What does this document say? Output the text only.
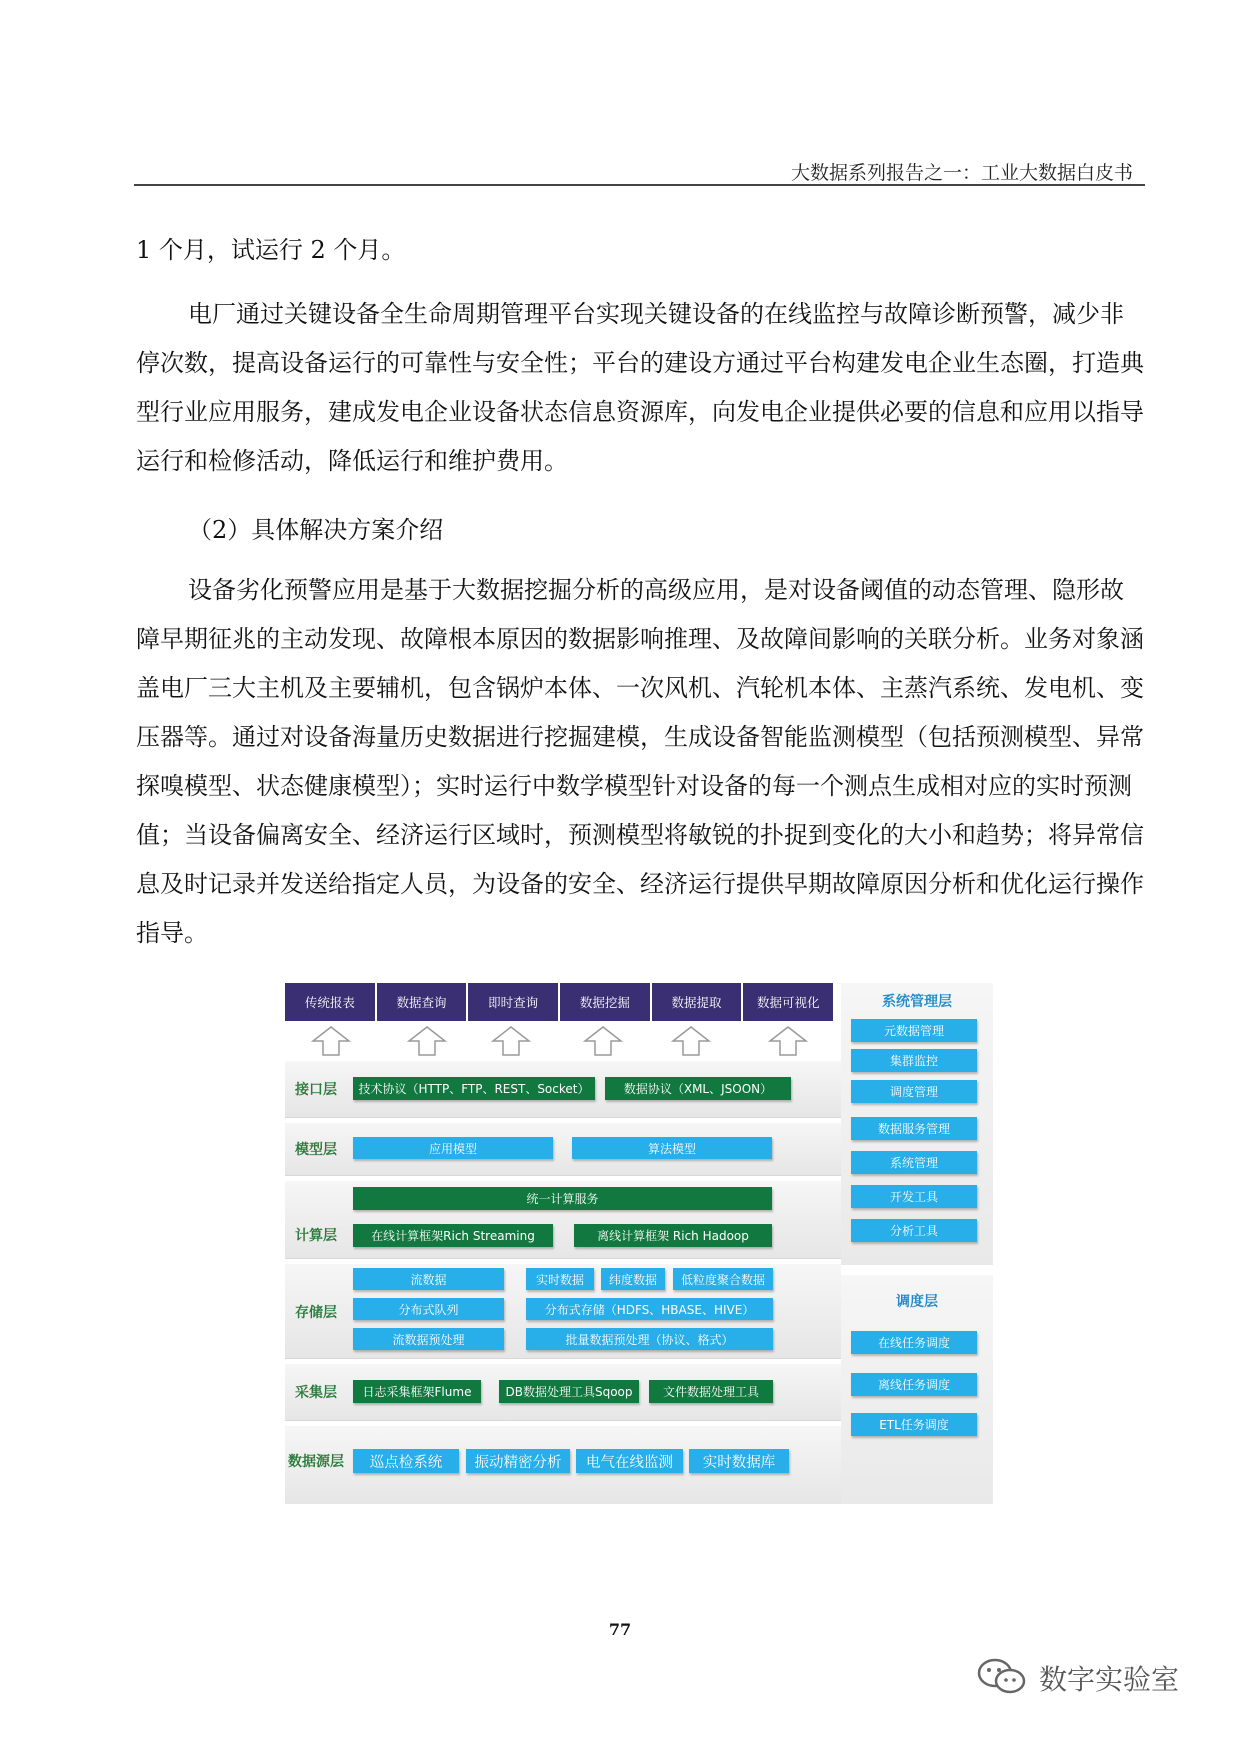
大数据系列报告之一：工业大数据白皮书

1 个月，试运行 2 个月。

电厂通过关键设备全生命周期管理平台实现关键设备的在线监控与故障诊断预警，减少非停次数，提高设备运行的可靠性与安全性；平台的建设方通过平台构建发电企业生态圈，打造典型行业应用服务，建成发电企业设备状态信息资源库，向发电企业提供必要的信息和应用以指导运行和检修活动，降低运行和维护费用。

（2）具体解决方案介绍

设备劣化预警应用是基于大数据挖掘分析的高级应用，是对设备阈值的动态管理、隐形故障早期征兆的主动发现、故障根本原因的数据影响推理、及故障间影响的关联分析。业务对象涵盖电厂三大主机及主要辅机，包含锅炉本体、一次风机、汽轮机本体、主蒸汽系统、发电机、变压器等。通过对设备海量历史数据进行挖掘建模，生成设备智能监测模型（包括预测模型、异常探嗅模型、状态健康模型）；实时运行中数学模型针对设备的每一个测点生成相对应的实时预测值；当设备偏离安全、经济运行区域时，预测模型将敏锐的扑捉到变化的大小和趋势；将异常信息及时记录并发送给指定人员，为设备的安全、经济运行提供早期故障原因分析和优化运行操作指导。

传统报表	数据查询	即时查询	数据挖掘	数据提取	数据可视化
接口层	技术协议（HTTP、FTP、REST、Socket）	数据协议（XML、JSOON）
模型层	应用模型	算法模型
计算层
统一计算服务
在线计算框架Rich Streaming	离线计算框架 Rich Hadoop
存储层
流数据	实时数据	纬度数据	低粒度聚合数据
分布式队列	分布式存储（HDFS、HBASE、HIVE）
流数据预处理	批量数据预处理（协议、格式）
采集层	日志采集框架Flume	DB数据处理工具Sqoop	文件数据处理工具
数据源层	巡点检系统	振动精密分析	电气在线监测	实时数据库
系统管理层
元数据管理
集群监控
调度管理
数据服务管理
系统管理
开发工具
分析工具
调度层
在线任务调度
离线任务调度
ETL任务调度
77
数字实验室
